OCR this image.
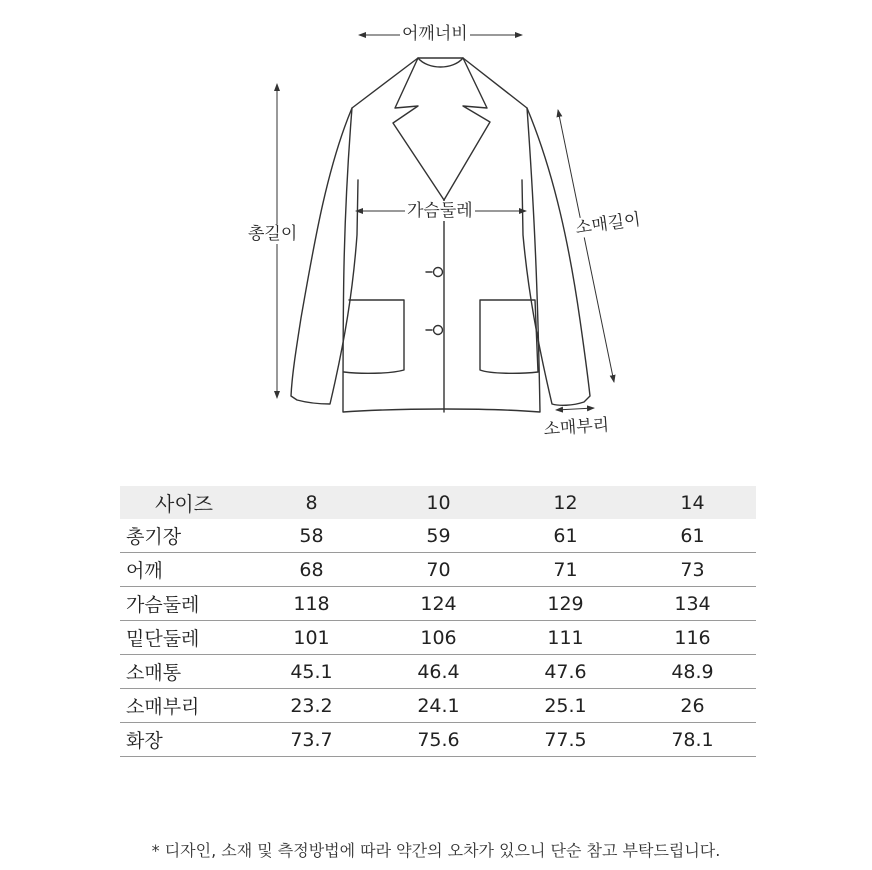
어깨너비
가슴둘레
총길이	소매길이
소매부리
사이즈	8	10	12	14
총기장	58	59	61	61
어깨	68	70	71	73
가슴둘레	118	124	129	134
밑단둘레	101	106	111	116
소매통	45.1	46.4	47.6	48.9
소매부리	23.2	24.1	25.1	26
화장	73.7	75.6	77.5	78.1
* 디자인, 소재 및 측정방법에 따라 약간의 오차가 있으니 단순 참고 부탁드립니다.
